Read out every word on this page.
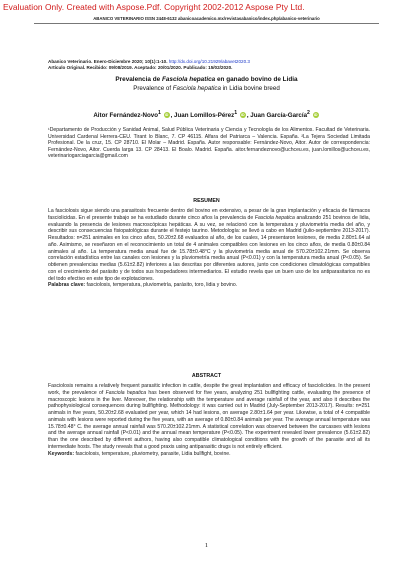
Evaluation Only. Created with Aspose.Pdf. Copyright 2002-2012 Aspose Pty Ltd.
ABANICO VETERINARIO ISSN 2448-6132 abanicoacademico.mx/revistasabanico/index.php/abanico-veterinario
Abanico Veterinario. Enero-Diciembre 2020; 10(1):1-10. http://dx.doi.org/10.21929/abavet2020.3
Artículo Original. Recibido: 09/08/2019. Aceptado: 20/01/2020. Publicado: 15/02/2020.
Prevalencia de Fasciola hepatica en ganado bovino de Lidia
Prevalence of Fasciola hepatica in Lidia bovine breed
Aitor Fernández-Novo$^1$ iD , Juan Lomillos-Pérez$^1$ iD , Juan García-García$^2$ iD
¹Departamento de Producción y Sanidad Animal, Salud Pública Veterinaria y Ciencia y Tecnología de los Alimentos. Facultad de Veterinaria. Universidad Cardenal Herrera-CEU. Tirant lo Blanc, 7. CP 46115. Alfara del Patriarca – Valencia. España. ²La Tejera Sociedad Limitada Profesional. De la cruz, 15. CP 28710. El Molar – Madrid. España. Autor responsable: Fernández-Novo, Aitor. Autor de correspondencia: Fernández-Novo, Aitor. Cuerda larga 13. CP 28413. El Boalo. Madrid. España. aitor.fernandeznovo@uchceu.es, juan.lomillos@uchceu.es, veterinariogarciagarcia@gmail.com
RESUMEN
La fasciolosis sigue siendo una parasitosis frecuente dentro del bovino en extensivo, a pesar de la gran implantación y eficacia de fármacos fasciolicidas. En el presente trabajo se ha estudiado durante cinco años la prevalencia de Fasciola hepatica analizando 251 bovinos de lidia, evaluando la presencia de lesiones macroscópicas hepáticas. A su vez, se relacionó con la temperatura y pluviometría media del año, y describir sus consecuencias fisiopatológicas durante el festejo taurino. Metodología: se llevó a cabo en Madrid (julio-septiembre 2013-2017). Resultados: n=251 animales en los cinco años, 50.20±2.68 evaluados al año, de los cuales, 14 presentaron lesiones, de media 2.80±1.64 al año. Asimismo, se reseñaron en el reconocimiento un total de 4 animales compatibles con lesiones en los cinco años, de media 0.80±0.84 animales al año. La temperatura media anual fue de 15.78±0.48°C y la pluviometría media anual de 570.20±102.21mm. Se observa correlación estadística entre las canales con lesiones y la pluviometría media anual (P<0.01) y con la temperatura media anual (P<0.05). Se obtienen prevalencias medias (5.61±2.82) inferiores a las descritas por diferentes autores, junto con condiciones climatológicas compatibles con el crecimiento del parásito y de todos sus hospedadores intermediarios. El estudio revela que un buen uso de los antiparasitarios no es del todo efectivo en este tipo de explotaciones.
Palabras clave: fasciolosis, temperatura, pluviometría, parásito, toro, lidia y bovino.
ABSTRACT
Fasciolosis remains a relatively frequent parasitic infection in cattle, despite the great implantation and efficacy of fasciolicides. In the present work, the prevalence of Fasciola hepatica has been observed for five years, analyzing 251 bullfighting cattle, evaluating the presence of macroscopic lesions in the liver. Moreover, the relationship with the temperature and average rainfall of the year, and also it describes the pathophysiological consequences during bullfighting. Methodology: it was carried out in Madrid (July-September 2013-2017). Results: n=251 animals in five years, 50.20±2.68 evaluated per year, which 14 had lesions, on average 2.80±1.64 per year. Likewise, a total of 4 compatible animals with lesions were reported during the five years, with an average of 0.80±0.84 animals per year. The average annual temperature was 15.78±0.48° C. the average annual rainfall was 570.20±102.21mm. A statistical correlation was observed between the carcasses with lesions and the average annual rainfall (P<0.01) and the annual mean temperature (P<0.05). The experiment revealed lower prevalence (5.61±2.82) than the one described by different authors, having also compatible climatological conditions with the growth of the parasite and all its intermediate hosts. The study reveals that a good praxis using antiparasitic drugs is not entirely efficient.
Keywords: fasciolosis, temperature, pluviometry, parasite, Lidia bullfight, bovine.
1
